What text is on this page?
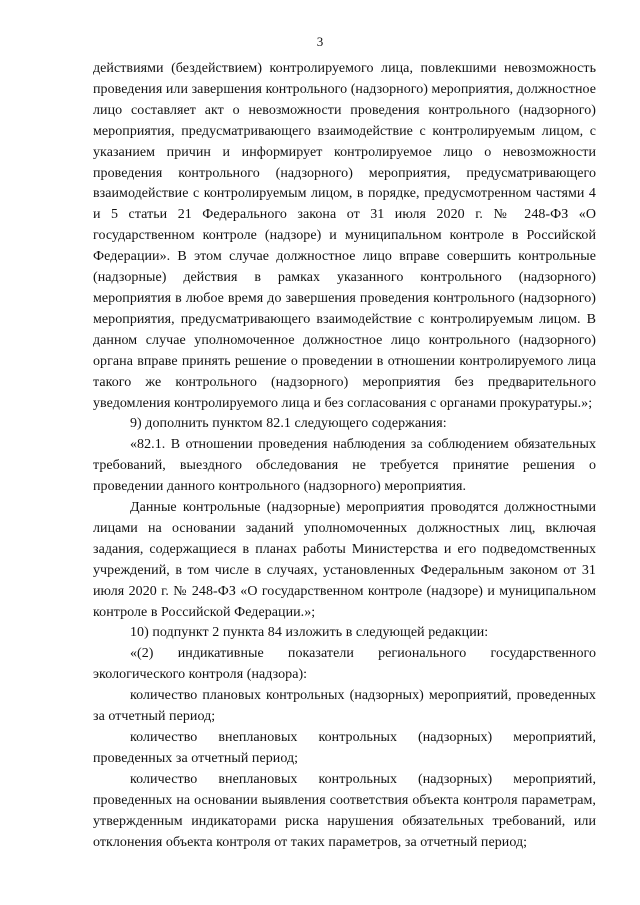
3

действиями (бездействием) контролируемого лица, повлекшими невозможность проведения или завершения контрольного (надзорного) мероприятия, должностное лицо составляет акт о невозможности проведения контрольного (надзорного) мероприятия, предусматривающего взаимодействие с контролируемым лицом, с указанием причин и информирует контролируемое лицо о невозможности проведения контрольного (надзорного) мероприятия, предусматривающего взаимодействие с контролируемым лицом, в порядке, предусмотренном частями 4 и 5 статьи 21 Федерального закона от 31 июля 2020 г. № 248-ФЗ «О государственном контроле (надзоре) и муниципальном контроле в Российской Федерации». В этом случае должностное лицо вправе совершить контрольные (надзорные) действия в рамках указанного контрольного (надзорного) мероприятия в любое время до завершения проведения контрольного (надзорного) мероприятия, предусматривающего взаимодействие с контролируемым лицом. В данном случае уполномоченное должностное лицо контрольного (надзорного) органа вправе принять решение о проведении в отношении контролируемого лица такого же контрольного (надзорного) мероприятия без предварительного уведомления контролируемого лица и без согласования с органами прокуратуры.»;

9) дополнить пунктом 82.1 следующего содержания:

«82.1. В отношении проведения наблюдения за соблюдением обязательных требований, выездного обследования не требуется принятие решения о проведении данного контрольного (надзорного) мероприятия.

Данные контрольные (надзорные) мероприятия проводятся должностными лицами на основании заданий уполномоченных должностных лиц, включая задания, содержащиеся в планах работы Министерства и его подведомственных учреждений, в том числе в случаях, установленных Федеральным законом от 31 июля 2020 г. № 248-ФЗ «О государственном контроле (надзоре) и муниципальном контроле в Российской Федерации.»;

10) подпункт 2 пункта 84 изложить в следующей редакции:

«(2) индикативные показатели регионального государственного экологического контроля (надзора):

количество плановых контрольных (надзорных) мероприятий, проведенных за отчетный период;

количество внеплановых контрольных (надзорных) мероприятий, проведенных за отчетный период;

количество внеплановых контрольных (надзорных) мероприятий, проведенных на основании выявления соответствия объекта контроля параметрам, утвержденным индикаторами риска нарушения обязательных требований, или отклонения объекта контроля от таких параметров, за отчетный период;
